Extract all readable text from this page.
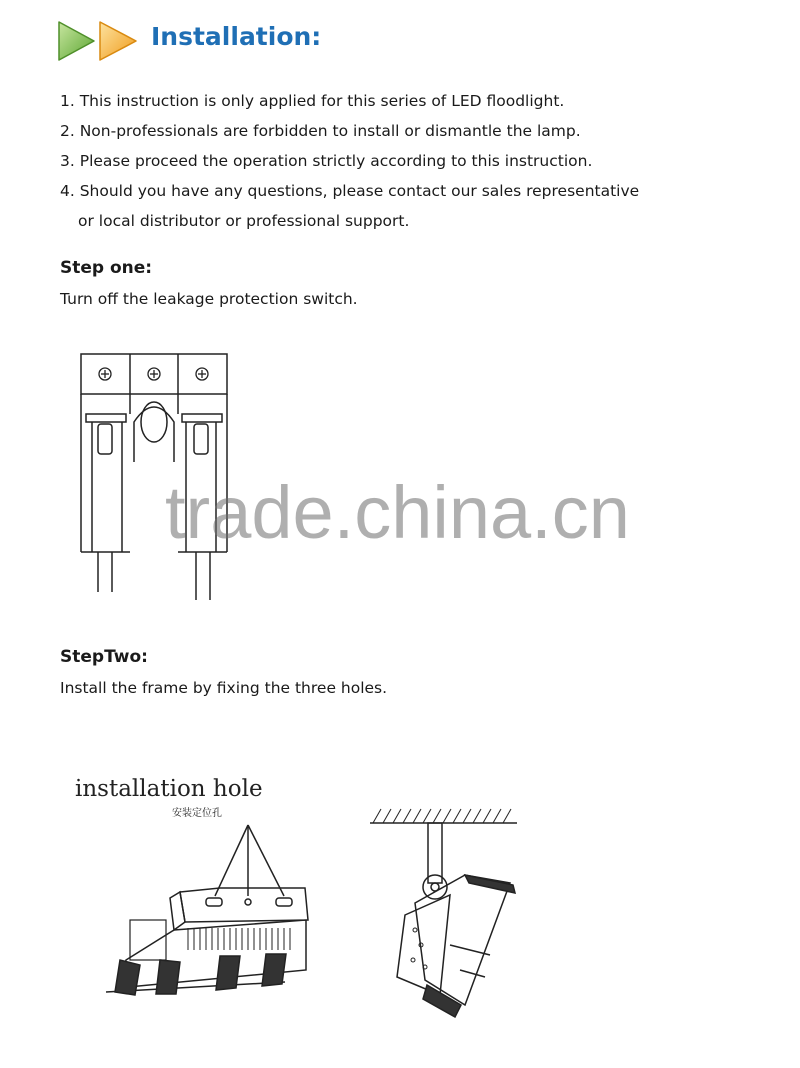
Installation:
1. This instruction is only applied for this series of LED floodlight.
2. Non-professionals are forbidden to install or dismantle the lamp.
3. Please proceed the operation strictly according to this instruction.
4. Should you have any questions, please contact our sales representative
or local distributor or professional support.
Step one:
Turn off the leakage protection switch.
trade.china.cn
StepTwo:
Install the frame by fixing the three holes.
installation hole
安装定位孔
